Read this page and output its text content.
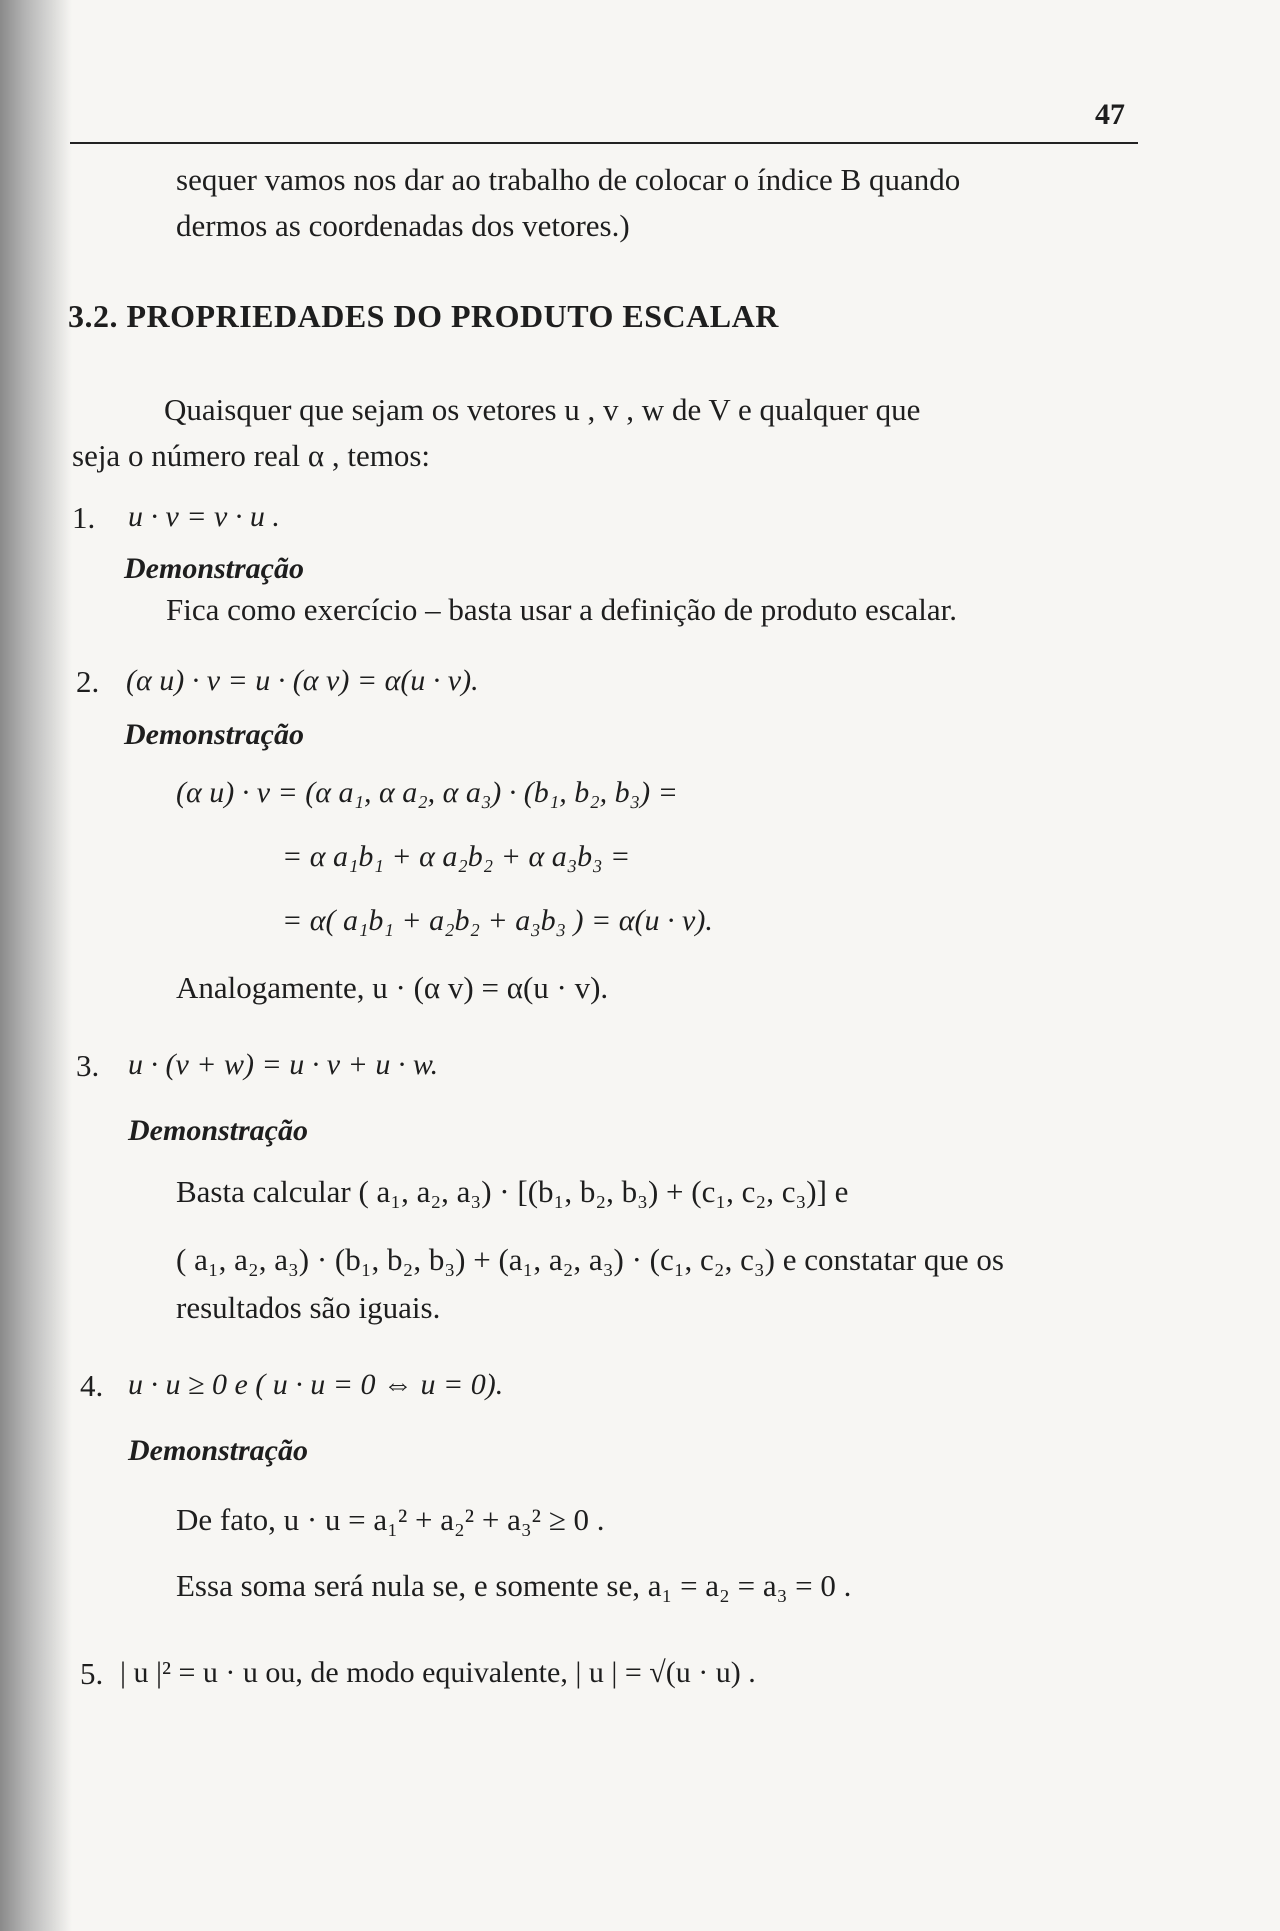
47
sequer vamos nos dar ao trabalho de colocar o índice B quando
dermos as coordenadas dos vetores.)
3.2. PROPRIEDADES DO PRODUTO ESCALAR
Quaisquer que sejam os vetores u , v , w de V e qualquer que
seja o número real α , temos:
1. u · v = v · u .
Demonstração
Fica como exercício – basta usar a definição de produto escalar.
2. (α u) · v = u · (α v) = α(u · v).
Demonstração
(α u) · v = (α a₁, α a₂, α a₃) · (b₁, b₂, b₃) =
= α a₁b₁ + α a₂b₂ + α a₃b₃ =
= α( a₁b₁ + a₂b₂ + a₃b₃ ) = α(u · v).
Analogamente, u · (α v) = α(u · v).
3. u · (v + w) = u · v + u · w.
Demonstração
Basta calcular ( a₁, a₂, a₃) · [(b₁, b₂, b₃) + (c₁, c₂, c₃)] e
( a₁, a₂, a₃) · (b₁, b₂, b₃) + (a₁, a₂, a₃) · (c₁, c₂, c₃) e constatar que os
resultados são iguais.
4. u · u ≥ 0 e ( u · u = 0 ⇔ u = 0).
Demonstração
De fato, u · u = a₁² + a₂² + a₃² ≥ 0 .
Essa soma será nula se, e somente se, a₁ = a₂ = a₃ = 0 .
5. | u |² = u · u ou, de modo equivalente, | u | = √(u · u) .
